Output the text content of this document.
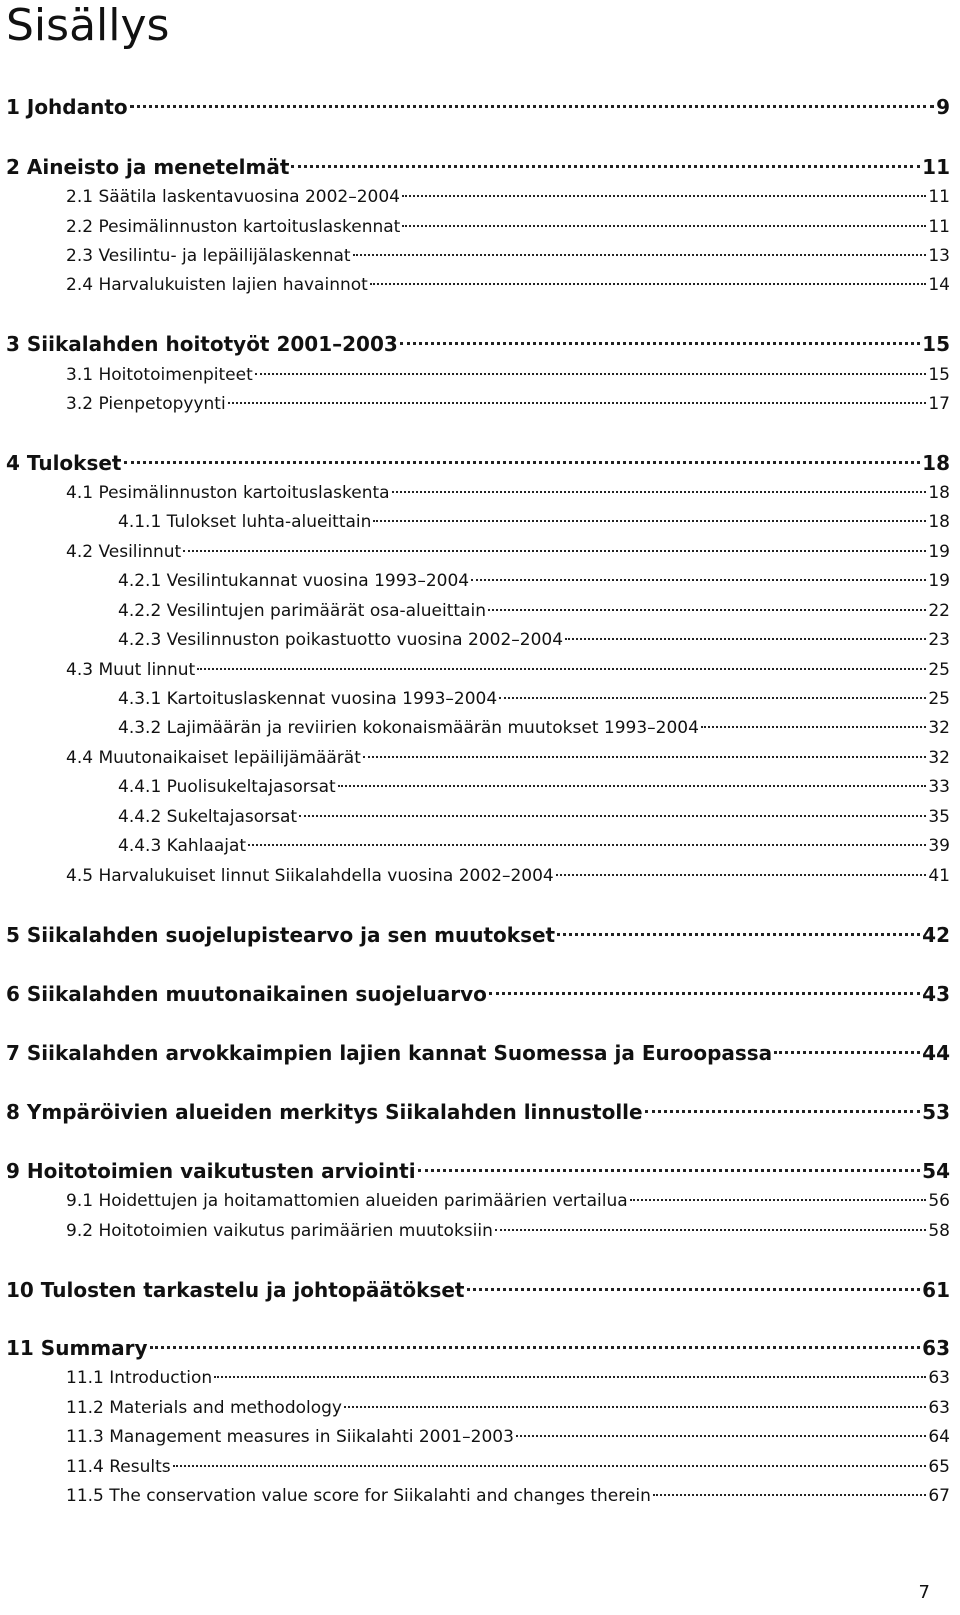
Sisällys
1 Johdanto	9
2 Aineisto ja menetelmät	11
2.1 Säätila laskentavuosina 2002–2004	11
2.2 Pesimälinnuston kartoituslaskennat	11
2.3 Vesilintu- ja lepäilijälaskennat	13
2.4 Harvalukuisten lajien havainnot	14
3 Siikalahden hoitotyöt 2001–2003	15
3.1 Hoitotoimenpiteet	15
3.2 Pienpetopyynti	17
4 Tulokset	18
4.1 Pesimälinnuston kartoituslaskenta	18
4.1.1 Tulokset luhta-alueittain	18
4.2 Vesilinnut	19
4.2.1 Vesilintukannat vuosina 1993–2004	19
4.2.2 Vesilintujen parimäärät osa-alueittain	22
4.2.3 Vesilinnuston poikastuotto vuosina 2002–2004	23
4.3 Muut linnut	25
4.3.1 Kartoituslaskennat vuosina 1993–2004	25
4.3.2 Lajimäärän ja reviirien kokonaismäärän muutokset 1993–2004	32
4.4 Muutonaikaiset lepäilijämäärät	32
4.4.1 Puolisukeltajasorsat	33
4.4.2 Sukeltajasorsat	35
4.4.3 Kahlaajat	39
4.5 Harvalukuiset linnut Siikalahdella vuosina 2002–2004	41
5 Siikalahden suojelupistearvo ja sen muutokset	42
6 Siikalahden muutonaikainen suojeluarvo	43
7 Siikalahden arvokkaimpien lajien kannat Suomessa ja Euroopassa	44
8 Ympäröivien alueiden merkitys Siikalahden linnustolle	53
9 Hoitotoimien vaikutusten arviointi	54
9.1 Hoidettujen ja hoitamattomien alueiden parimäärien vertailua	56
9.2 Hoitotoimien vaikutus parimäärien muutoksiin	58
10 Tulosten tarkastelu ja johtopäätökset	61
11 Summary	63
11.1 Introduction	63
11.2 Materials and methodology	63
11.3 Management measures in Siikalahti 2001–2003	64
11.4 Results	65
11.5 The conservation value score for Siikalahti and changes therein	67
7
